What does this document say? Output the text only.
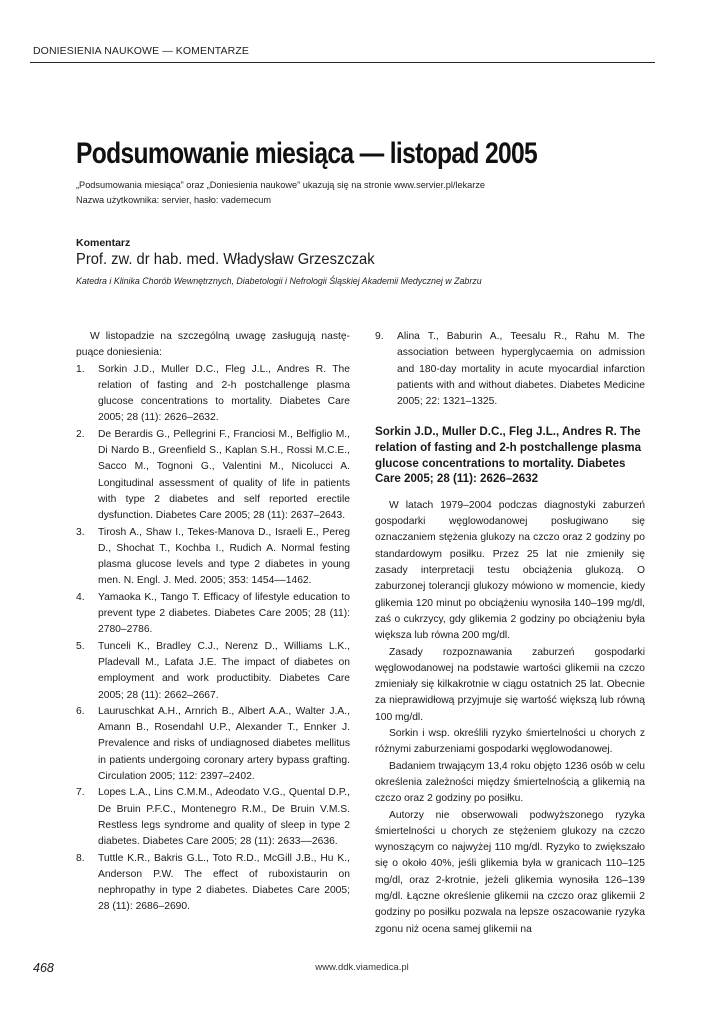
DONIESIENIA NAUKOWE — KOMENTARZE
Podsumowanie miesiąca — listopad 2005
„Podsumowania miesiąca” oraz „Doniesienia naukowe” ukazują się na stronie www.servier.pl/lekarze
Nazwa użytkownika: servier, hasło: vademecum
Komentarz
Prof. zw. dr hab. med. Władysław Grzeszczak
Katedra i Klinika Chorób Wewnętrznych, Diabetologii i Nefrologii Śląskiej Akademii Medycznej w Zabrzu

W listopadzie na szczególną uwagę zasługują nastę-puące doniesienia:

1. Sorkin J.D., Muller D.C., Fleg J.L., Andres R. The relation of fasting and 2-h postchallenge plasma glucose concentrations to mortality. Diabetes Care 2005; 28 (11): 2626–2632.
2. De Berardis G., Pellegrini F., Franciosi M., Belfiglio M., Di Nardo B., Greenfield S., Kaplan S.H., Rossi M.C.E., Sacco M., Tognoni G., Valentini M., Nicolucci A. Longitudinal assessment of quality of life in patients with type 2 diabetes and self reported erectile dysfunction. Diabetes Care 2005; 28 (11): 2637–2643.
3. Tirosh A., Shaw I., Tekes-Manova D., Israeli E., Pereg D., Shochat T., Kochba I., Rudich A. Normal festing plasma glucose levels and type 2 diabetes in young men. N. Engl. J. Med. 2005; 353: 1454––1462.
4. Yamaoka K., Tango T. Efficacy of lifestyle education to prevent type 2 diabetes. Diabetes Care 2005; 28 (11): 2780–2786.
5. Tunceli K., Bradley C.J., Nerenz D., Williams L.K., Pladevall M., Lafata J.E. The impact of diabetes on employment and work productibity. Diabetes Care 2005; 28 (11): 2662–2667.
6. Lauruschkat A.H., Arnrich B., Albert A.A., Walter J.A., Amann B., Rosendahl U.P., Alexander T., Ennker J. Prevalence and risks of undiagnosed diabetes mellitus in patients undergoing coronary artery bypass grafting. Circulation 2005; 112: 2397–2402.
7. Lopes L.A., Lins C.M.M., Adeodato V.G., Quental D.P., De Bruin P.F.C., Montenegro R.M., De Bruin V.M.S. Restless legs syndrome and quality of sleep in type 2 diabetes. Diabetes Care 2005; 28 (11): 2633––2636.
8. Tuttle K.R., Bakris G.L., Toto R.D., McGill J.B., Hu K., Anderson P.W. The effect of ruboxistaurin on nephropathy in type 2 diabetes. Diabetes Care 2005; 28 (11): 2686–2690.
9. Alina T., Baburin A., Teesalu R., Rahu M. The association between hyperglycaemia on admission and 180-day mortality in acute myocardial infarction patients with and without diabetes. Diabetes Medicine 2005; 22: 1321–1325.

Sorkin J.D., Muller D.C., Fleg J.L., Andres R. The relation of fasting and 2-h postchallenge plasma glucose concentrations to mortality. Diabetes Care 2005; 28 (11): 2626–2632

W latach 1979–2004 podczas diagnostyki zaburzeń gospodarki węglowodanowej posługiwano się oznaczaniem stężenia glukozy na czczo oraz 2 godziny po standardowym posiłku. Przez 25 lat nie zmieniły się zasady interpretacji testu obciążenia glukozą. O zaburzonej tolerancji glukozy mówiono w momencie, kiedy glikemia 120 minut po obciążeniu wynosiła 140–199 mg/dl, zaś o cukrzycy, gdy glikemia 2 godziny po obciążeniu była większa lub równa 200 mg/dl.

Zasady rozpoznawania zaburzeń gospodarki węglowodanowej na podstawie wartości glikemii na czczo zmieniały się kilkakrotnie w ciągu ostatnich 25 lat. Obecnie za nieprawidłową przyjmuje się wartość większą lub równą 100 mg/dl.

Sorkin i wsp. określili ryzyko śmiertelności u chorych z różnymi zaburzeniami gospodarki węglowodanowej.

Badaniem trwającym 13,4 roku objęto 1236 osób w celu określenia zależności między śmiertelnością a glikemią na czczo oraz 2 godziny po posiłku.

Autorzy nie obserwowali podwyższonego ryzyka śmiertelności u chorych ze stężeniem glukozy na czczo wynoszącym co najwyżej 110 mg/dl. Ryzyko to zwiększało się o około 40%, jeśli glikemia była w granicach 110–125 mg/dl, oraz 2-krotnie, jeżeli glikemia wynosiła 126–139 mg/dl. Łączne określenie glikemii na czczo oraz glikemii 2 godziny po posiłku pozwala na lepsze oszacowanie ryzyka zgonu niż ocena samej glikemii na

468	www.ddk.viamedica.pl
